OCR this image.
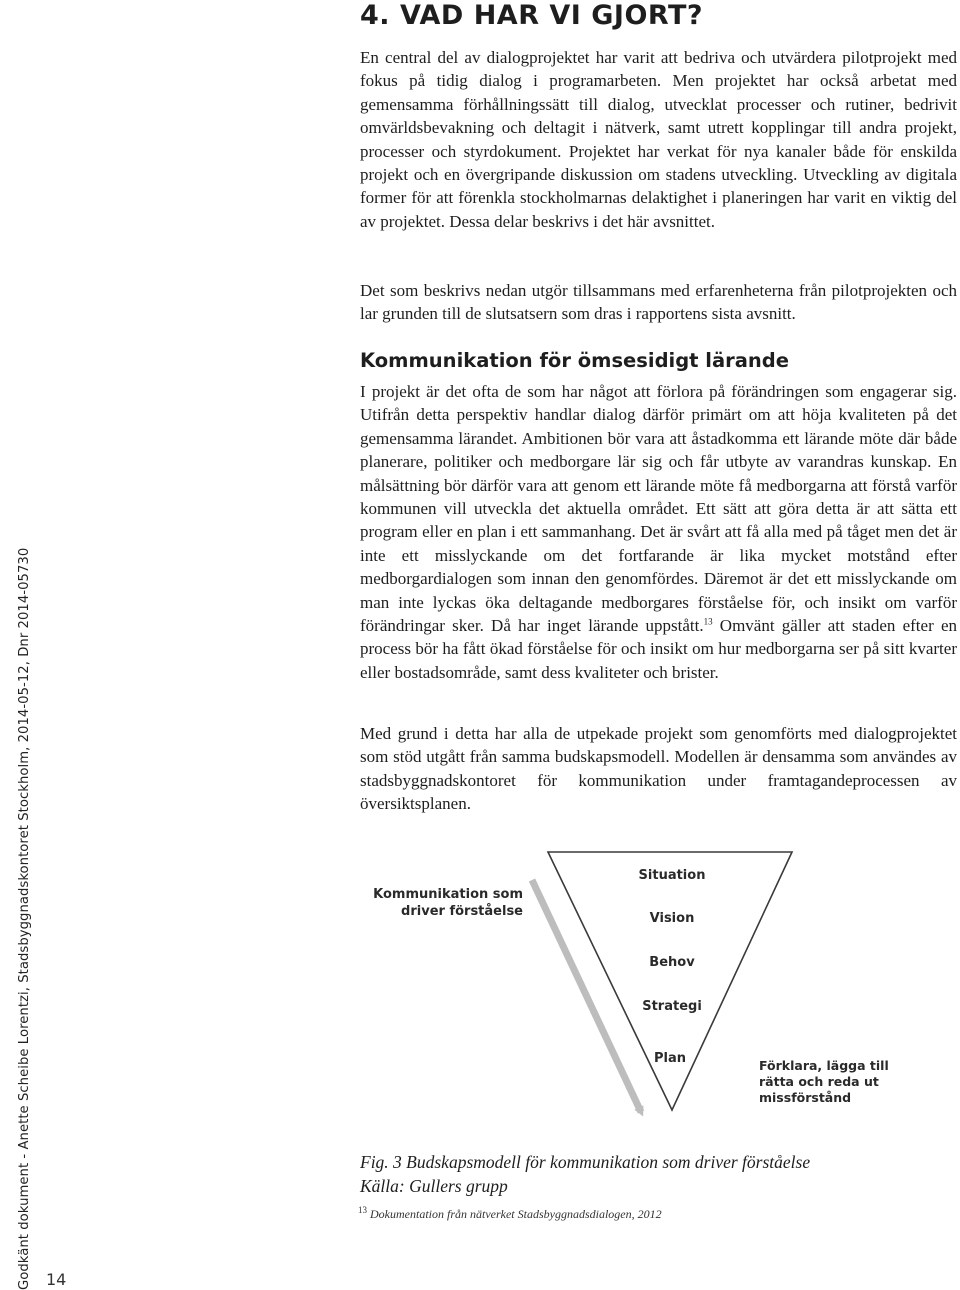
Godkänt dokument - Anette Scheibe Lorentzi, Stadsbyggnadskontoret Stockholm, 2014-05-12, Dnr 2014-05730 14
4. VAD HAR VI GJORT?

En central del av dialogprojektet har varit att bedriva och utvärdera pilotprojekt med fokus på tidig dialog i programarbeten. Men projektet har också arbetat med gemensamma förhållningssätt till dialog, utvecklat processer och rutiner, bedrivit omvärldsbevakning och deltagit i nätverk, samt utrett kopplingar till andra projekt, processer och styrdokument. Projektet har verkat för nya kanaler både för enskilda projekt och en övergripande diskussion om stadens utveckling. Utveckling av digitala former för att förenkla stockholmarnas delaktighet i planeringen har varit en viktig del av projektet. Dessa delar beskrivs i det här avsnittet.

Det som beskrivs nedan utgör tillsammans med erfarenheterna från pilotprojekten och lar grunden till de slutsatsern som dras i rapportens sista avsnitt.

Kommunikation för ömsesidigt lärande

I projekt är det ofta de som har något att förlora på förändringen som engagerar sig. Utifrån detta perspektiv handlar dialog därför primärt om att höja kvaliteten på det gemensamma lärandet. Ambitionen bör vara att åstadkomma ett lärande möte där både planerare, politiker och medborgare lär sig och får utbyte av varandras kunskap. En målsättning bör därför vara att genom ett lärande möte få medborgarna att förstå varför kommunen vill utveckla det aktuella området. Ett sätt att göra detta är att sätta ett program eller en plan i ett sammanhang. Det är svårt att få alla med på tåget men det är inte ett misslyckande om det fortfarande är lika mycket motstånd efter medborgardialogen som innan den genomfördes. Däremot är det ett misslyckande om man inte lyckas öka deltagande medborgares förståelse för, och insikt om varför förändringar sker. Då har inget lärande uppstått.$^{13}$ Omvänt gäller att staden efter en process bör ha fått ökad förståelse för och insikt om hur medborgarna ser på sitt kvarter eller bostadsområde, samt dess kvaliteter och brister.

Med grund i detta har alla de utpekade projekt som genomförts med dialogprojektet som stöd utgått från samma budskapsmodell. Modellen är densamma som användes av stadsbyggnadskontoret för kommunikation under framtagandeprocessen av översiktsplanen.

Kommunikation som
driver förståelse
Situation
Vision
Behov
Strategi
Plan	Förklara, lägga till
rätta och reda ut
missförstånd
Fig. 3 Budskapsmodell för kommunikation som driver förståelse
Källa: Gullers grupp
$^{13}$ Dokumentation från nätverket Stadsbyggnadsdialogen, 2012
